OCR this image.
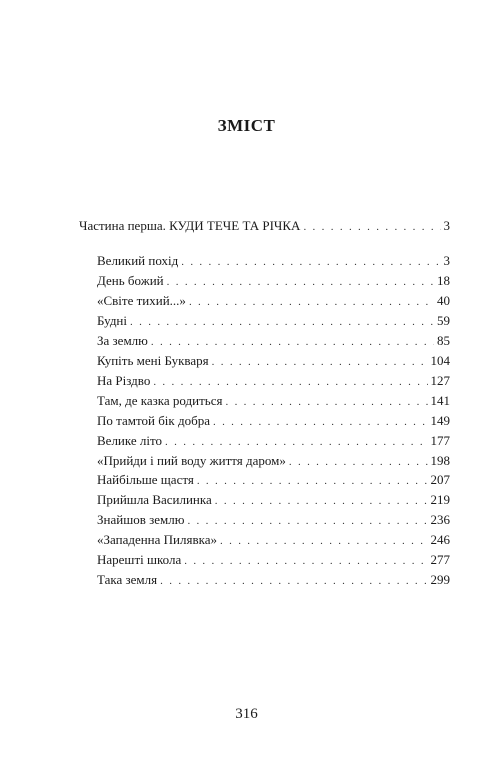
ЗМІСТ
Частина перша. КУДИ ТЕЧЕ ТА РІЧКА . . .	3
Великий похід . . .	3
День божий . . .	18
«Світе тихий...» . . .	40
Будні . . .	59
За землю . . .	85
Купіть мені Букваря . . .	104
На Різдво . . .	127
Там, де казка родиться . . .	141
По тамтой бік добра . . .	149
Велике літо . . .	177
«Прийди і пий воду життя даром» . . .	198
Найбільше щастя . . .	207
Прийшла Василинка . . .	219
Знайшов землю . . .	236
«Западенна Пилявка» . . .	246
Нарешті школа . . .	277
Така земля . . .	299
316
